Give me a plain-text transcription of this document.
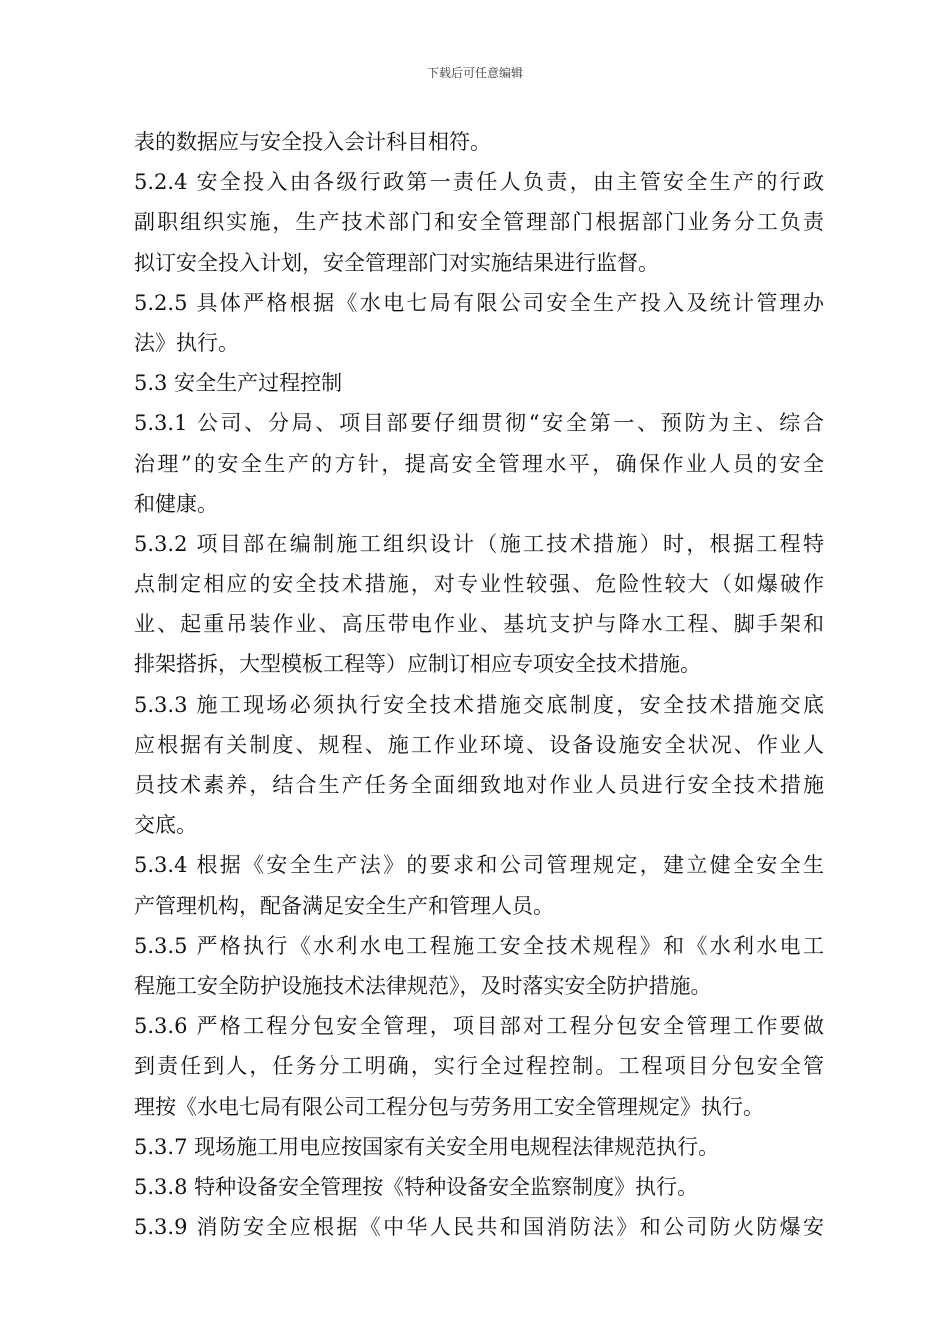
下载后可任意编辑
表的数据应与安全投入会计科目相符。
5.2.4 安全投入由各级行政第一责任人负责，由主管安全生产的行政
副职组织实施，生产技术部门和安全管理部门根据部门业务分工负责
拟订安全投入计划，安全管理部门对实施结果进行监督。
5.2.5 具体严格根据《水电七局有限公司安全生产投入及统计管理办
法》执行。
5.3 安全生产过程控制
5.3.1 公司、分局、项目部要仔细贯彻“安全第一、预防为主、综合
治理”的安全生产的方针，提高安全管理水平，确保作业人员的安全
和健康。
5.3.2 项目部在编制施工组织设计（施工技术措施）时，根据工程特
点制定相应的安全技术措施，对专业性较强、危险性较大（如爆破作
业、起重吊装作业、高压带电作业、基坑支护与降水工程、脚手架和
排架搭拆，大型模板工程等）应制订相应专项安全技术措施。
5.3.3 施工现场必须执行安全技术措施交底制度，安全技术措施交底
应根据有关制度、规程、施工作业环境、设备设施安全状况、作业人
员技术素养，结合生产任务全面细致地对作业人员进行安全技术措施
交底。
5.3.4 根据《安全生产法》的要求和公司管理规定，建立健全安全生
产管理机构，配备满足安全生产和管理人员。
5.3.5 严格执行《水利水电工程施工安全技术规程》和《水利水电工
程施工安全防护设施技术法律规范》，及时落实安全防护措施。
5.3.6 严格工程分包安全管理，项目部对工程分包安全管理工作要做
到责任到人，任务分工明确，实行全过程控制。工程项目分包安全管
理按《水电七局有限公司工程分包与劳务用工安全管理规定》执行。
5.3.7 现场施工用电应按国家有关安全用电规程法律规范执行。
5.3.8 特种设备安全管理按《特种设备安全监察制度》执行。
5.3.9 消防安全应根据《中华人民共和国消防法》和公司防火防爆安
